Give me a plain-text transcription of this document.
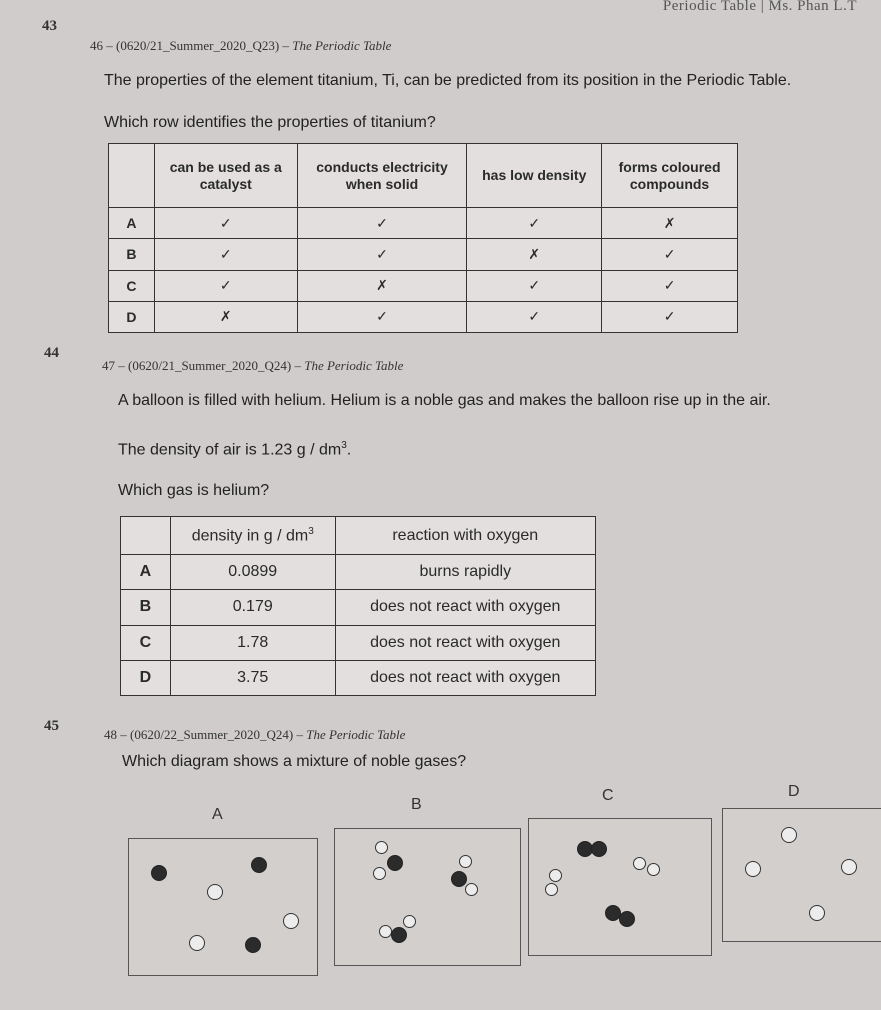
Periodic Table | Ms. Phan L.T
43
44
45
46 – (0620/21_Summer_2020_Q23) – The Periodic Table
The properties of the element titanium, Ti, can be predicted from its position in the Periodic Table.
Which row identifies the properties of titanium?
	can be used as a catalyst	conducts electricity when solid	has low density	forms coloured compounds
A	✓	✓	✓	✗
B	✓	✓	✗	✓
C	✓	✗	✓	✓
D	✗	✓	✓	✓
47 – (0620/21_Summer_2020_Q24) – The Periodic Table
A balloon is filled with helium. Helium is a noble gas and makes the balloon rise up in the air.
The density of air is 1.23 g / $dm^3$.
Which gas is helium?
	density in g / $dm^3$	reaction with oxygen
A	0.0899	burns rapidly
B	0.179	does not react with oxygen
C	1.78	does not react with oxygen
D	3.75	does not react with oxygen
48 – (0620/22_Summer_2020_Q24) – The Periodic Table
Which diagram shows a mixture of noble gases?
A
B
C	D
